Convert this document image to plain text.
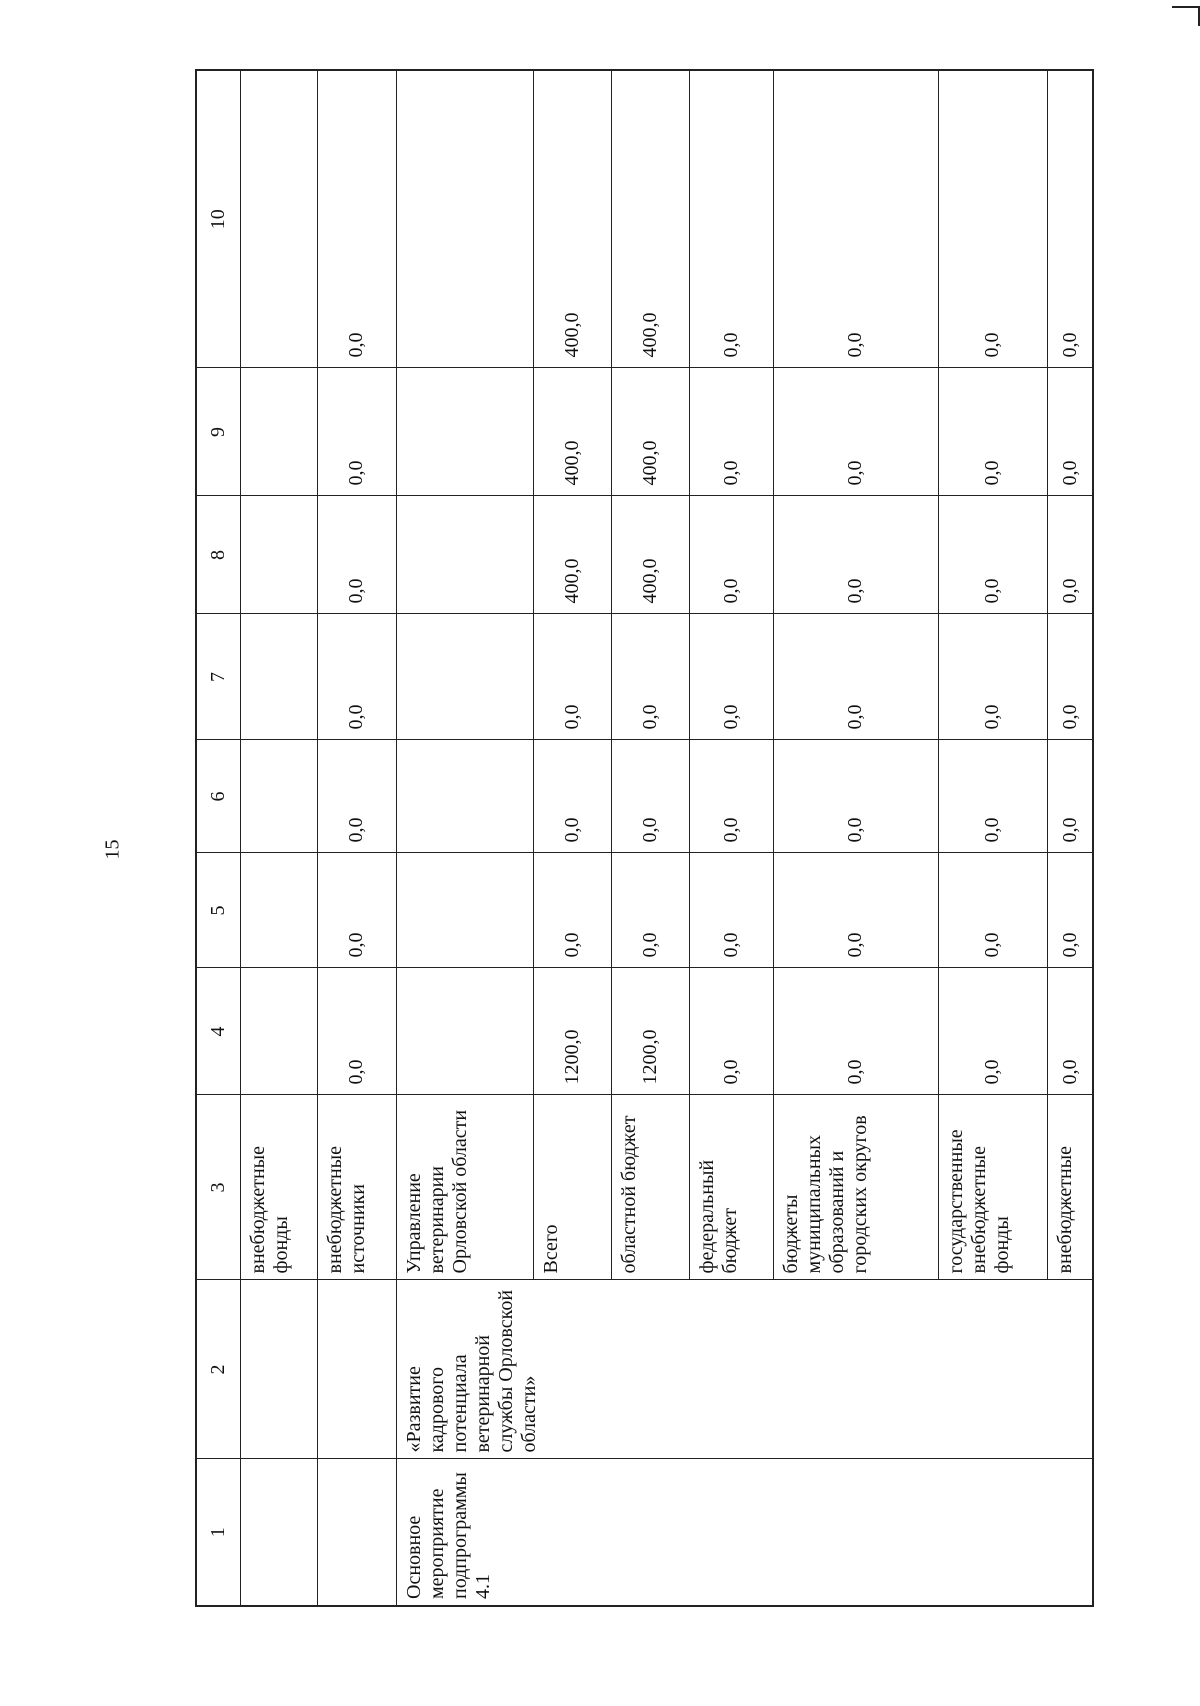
15
1	2	3	4	5	6	7	8	9	10
		внебюджетные фонды							
		внебюджетные источники	0,0	0,0	0,0	0,0	0,0	0,0	0,0
Основное мероприятие подпрограммы 4.1	«Развитие кадрового потенциала ветеринарной службы Орловской области»	Управление ветеринарии Орловской области							
		Всего	1200,0	0,0	0,0	0,0	400,0	400,0	400,0
		областной бюджет	1200,0	0,0	0,0	0,0	400,0	400,0	400,0
		федеральный бюджет	0,0	0,0	0,0	0,0	0,0	0,0	0,0
		бюджеты муниципальных образований и городских округов	0,0	0,0	0,0	0,0	0,0	0,0	0,0
		государственные внебюджетные фонды	0,0	0,0	0,0	0,0	0,0	0,0	0,0
		внебюджетные	0,0	0,0	0,0	0,0	0,0	0,0	0,0
